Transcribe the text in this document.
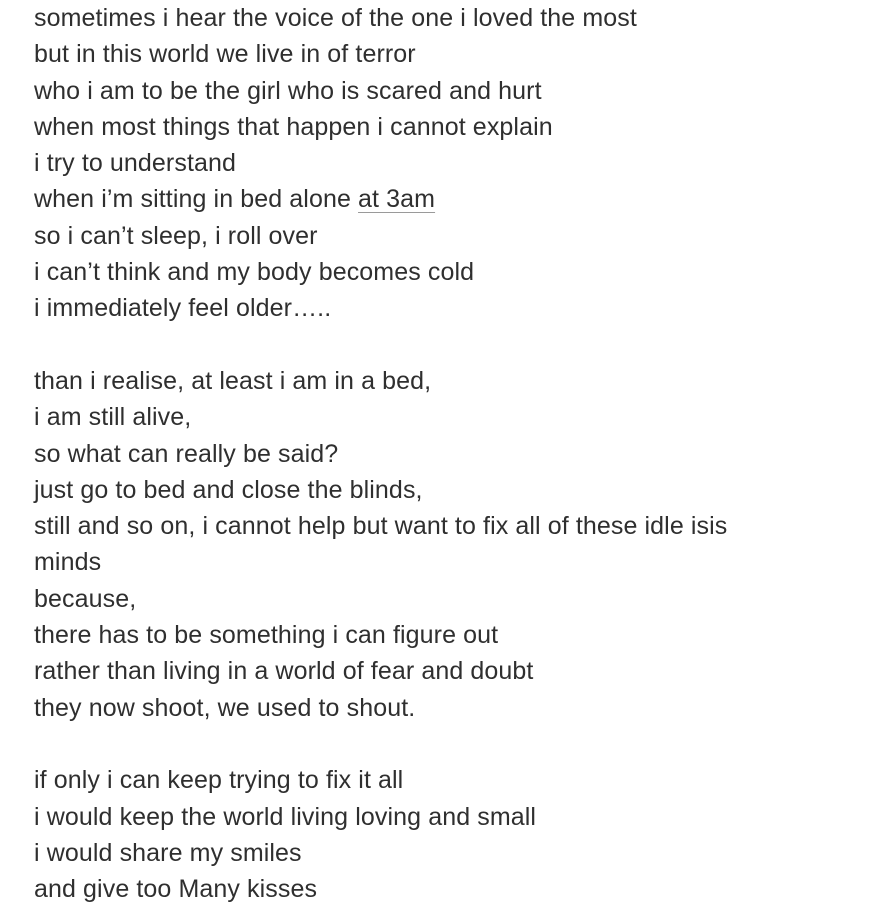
sometimes i hear the voice of the one i loved the most
but in this world we live in of terror
who i am to be the girl who is scared and hurt
when most things that happen i cannot explain
i try to understand
when i’m sitting in bed alone at 3am
so i can’t sleep, i roll over
i can’t think and my body becomes cold
i immediately feel older…..
than i realise, at least i am in a bed,
i am still alive,
so what can really be said?
just go to bed and close the blinds,
still and so on, i cannot help but want to fix all of these idle isis
minds
because,
there has to be something i can figure out
rather than living in a world of fear and doubt
they now shoot, we used to shout.
if only i can keep trying to fix it all
i would keep the world living loving and small
i would share my smiles
and give too Many kisses
